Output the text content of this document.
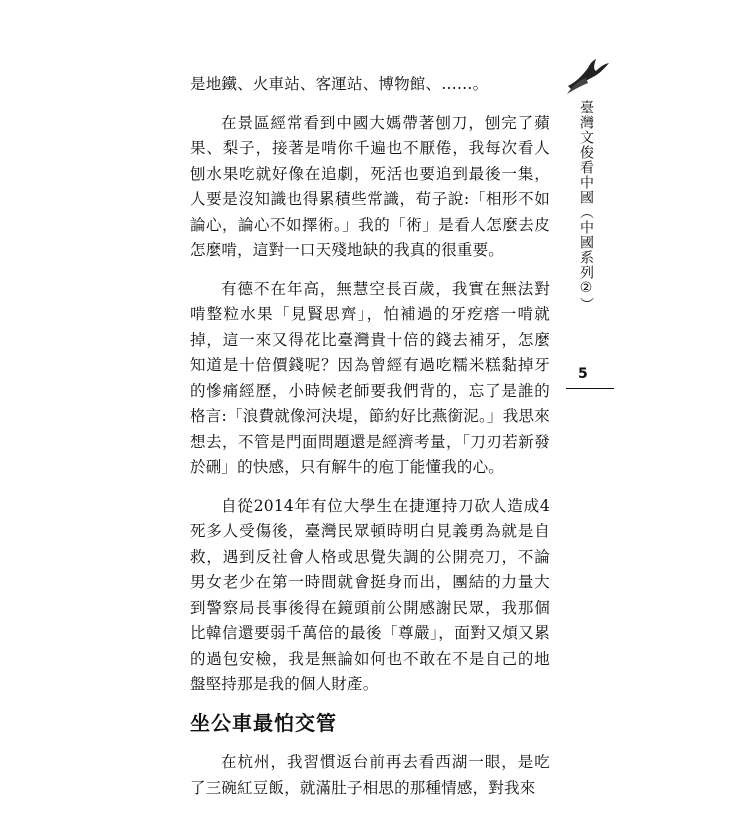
臺灣文俊看中國（中國系列②）
5

是地鐵、火車站、客運站、博物館、……。

在景區經常看到中國大媽帶著刨刀，刨完了蘋果、梨子，接著是啃你千遍也不厭倦，我每次看人刨水果吃就好像在追劇，死活也要追到最後一集，人要是沒知識也得累積些常識，荀子說:「相形不如論心，論心不如擇術。」我的「術」是看人怎麼去皮怎麼啃，這對一口天殘地缺的我真的很重要。

有德不在年高，無慧空長百歲，我實在無法對啃整粒水果「見賢思齊」，怕補過的牙疙瘩一啃就掉，這一來又得花比臺灣貴十倍的錢去補牙，怎麼知道是十倍價錢呢？因為曾經有過吃糯米糕黏掉牙的慘痛經歷，小時候老師要我們背的，忘了是誰的格言:「浪費就像河決堤，節約好比燕銜泥。」我思來想去，不管是門面問題還是經濟考量，「刀刃若新發於硎」的快感，只有解牛的庖丁能懂我的心。

自從2014年有位大學生在捷運持刀砍人造成4死多人受傷後，臺灣民眾頓時明白見義勇為就是自救，遇到反社會人格或思覺失調的公開亮刀，不論男女老少在第一時間就會挺身而出，團結的力量大到警察局長事後得在鏡頭前公開感謝民眾，我那個比韓信還要弱千萬倍的最後「尊嚴」，面對又煩又累的過包安檢，我是無論如何也不敢在不是自己的地盤堅持那是我的個人財產。

坐公車最怕交管

在杭州，我習慣返台前再去看西湖一眼，是吃了三碗紅豆飯，就滿肚子相思的那種情感，對我來
